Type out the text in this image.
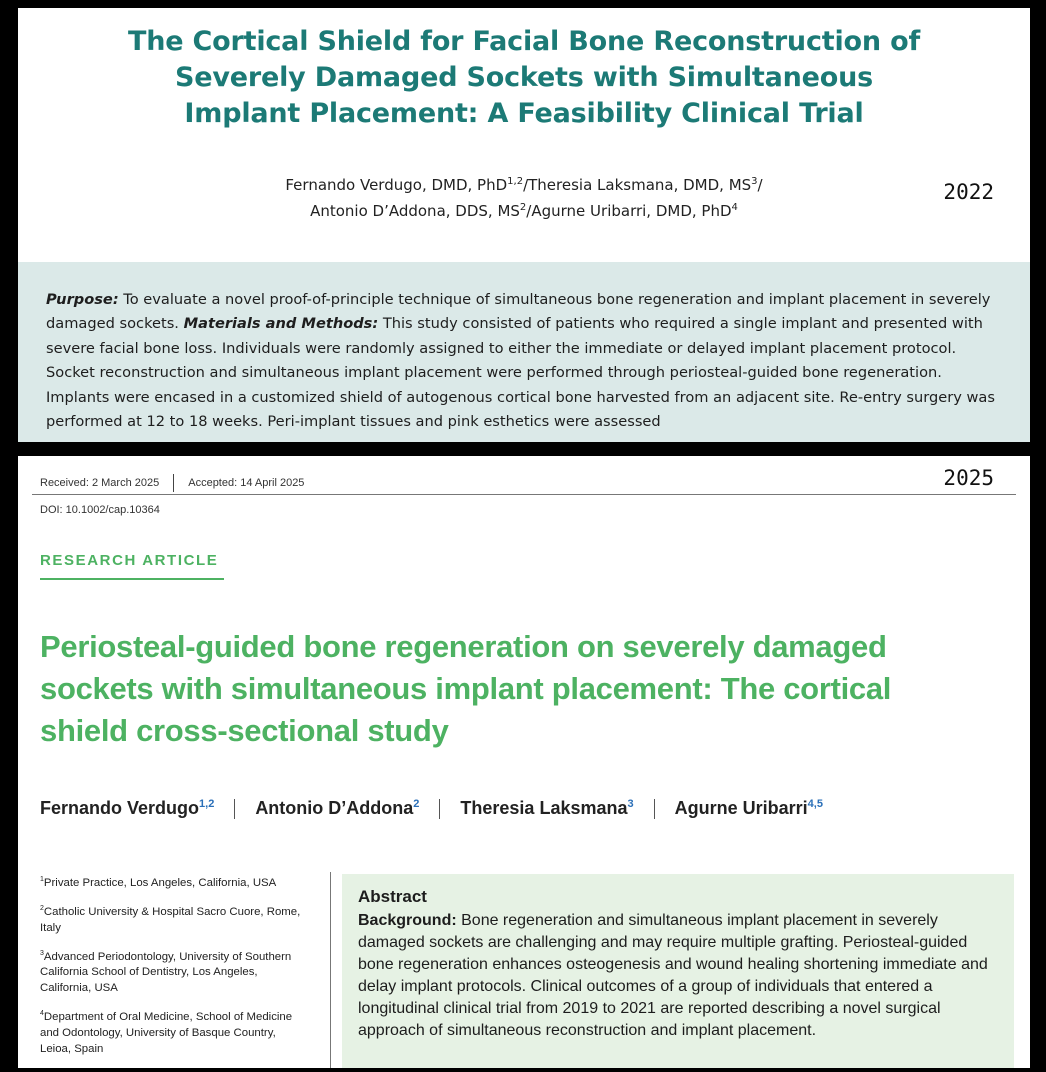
The Cortical Shield for Facial Bone Reconstruction of
Severely Damaged Sockets with Simultaneous
Implant Placement: A Feasibility Clinical Trial
Fernando Verdugo, DMD, PhD$^{1,2}$/Theresia Laksmana, DMD, $MS^3/$
Antonio D’Addona, DDS, $MS^2$/Agurne Uribarri, DMD, PhD$^4$
2022
Purpose: To evaluate a novel proof-of-principle technique of simultaneous bone regeneration and implant placement in severely damaged sockets. Materials and Methods: This study consisted of patients who required a single implant and presented with severe facial bone loss. Individuals were randomly assigned to either the immediate or delayed implant placement protocol. Socket reconstruction and simultaneous implant placement were performed through periosteal-guided bone regeneration. Implants were encased in a customized shield of autogenous cortical bone harvested from an adjacent site. Re-entry surgery was performed at 12 to 18 weeks. Peri-implant tissues and pink esthetics were assessed
Received: 2 March 2025	Accepted: 14 April 2025	2025
DOI: 10.1002/cap.10364
RESEARCH ARTICLE
Periosteal-guided bone regeneration on severely damaged
sockets with simultaneous implant placement: The cortical
shield cross-sectional study
Fernando Verdugo$^{1,2}$ Antonio D’Addona$^2$ Theresia Laksmana$^3$ Agurne Uribarri$^{4,5}$

$^1$Private Practice, Los Angeles, California, USA

$^2$Catholic University & Hospital Sacro Cuore, Rome, Italy

$^3$Advanced Periodontology, University of Southern California School of Dentistry, Los Angeles, California, USA

$^4$Department of Oral Medicine, School of Medicine and Odontology, University of Basque Country, Leioa, Spain

Abstract
Background: Bone regeneration and simultaneous implant placement in severely damaged sockets are challenging and may require multiple grafting. Periosteal-guided bone regeneration enhances osteogenesis and wound healing shortening immediate and delay implant protocols. Clinical outcomes of a group of individuals that entered a longitudinal clinical trial from 2019 to 2021 are reported describing a novel surgical approach of simultaneous reconstruction and implant placement.
